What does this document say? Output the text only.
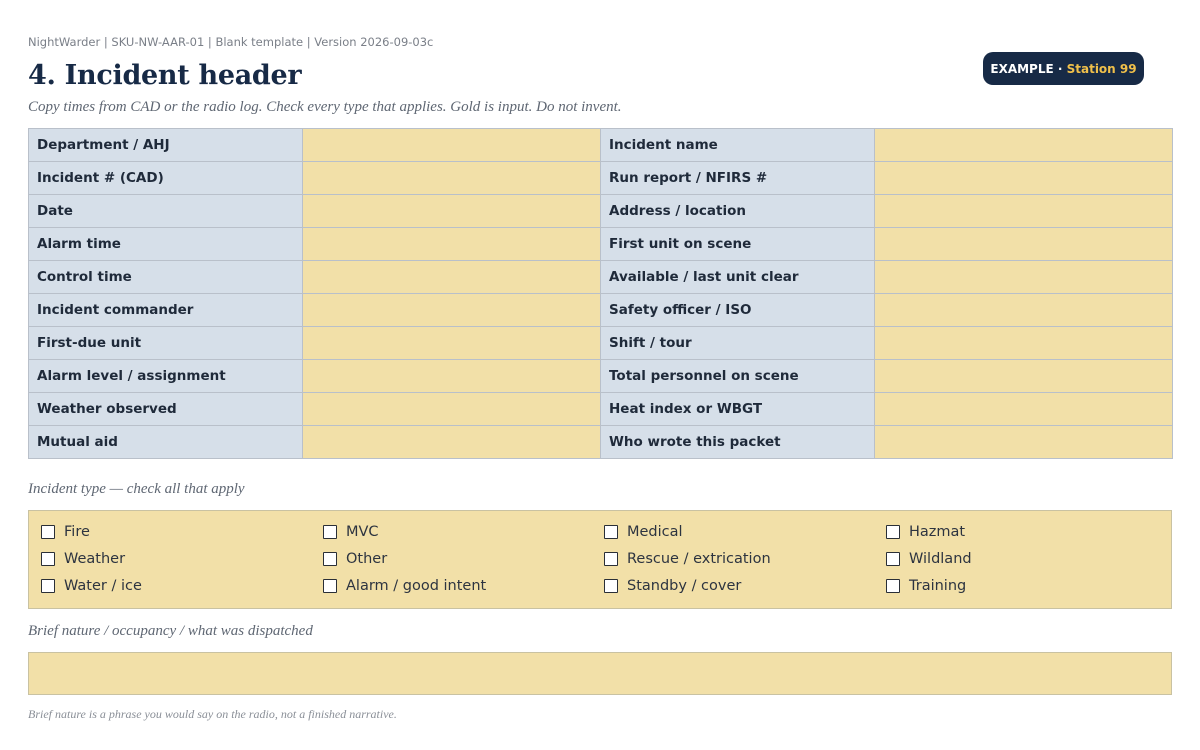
NightWarder | SKU-NW-AAR-01 | Blank template | Version 2026-09-03c
EXAMPLE · Station 99
4. Incident header
Copy times from CAD or the radio log. Check every type that applies. Gold is input. Do not invent.
Department / AHJ		Incident name	
Incident # (CAD)		Run report / NFIRS #	
Date		Address / location	
Alarm time		First unit on scene	
Control time		Available / last unit clear	
Incident commander		Safety officer / ISO	
First-due unit		Shift / tour	
Alarm level / assignment		Total personnel on scene	
Weather observed		Heat index or WBGT	
Mutual aid		Who wrote this packet	
Incident type — check all that apply
Fire	MVC	Medical	Hazmat
Weather	Other	Rescue / extrication	Wildland
Water / ice	Alarm / good intent	Standby / cover	Training
Brief nature / occupancy / what was dispatched
Brief nature is a phrase you would say on the radio, not a finished narrative.
